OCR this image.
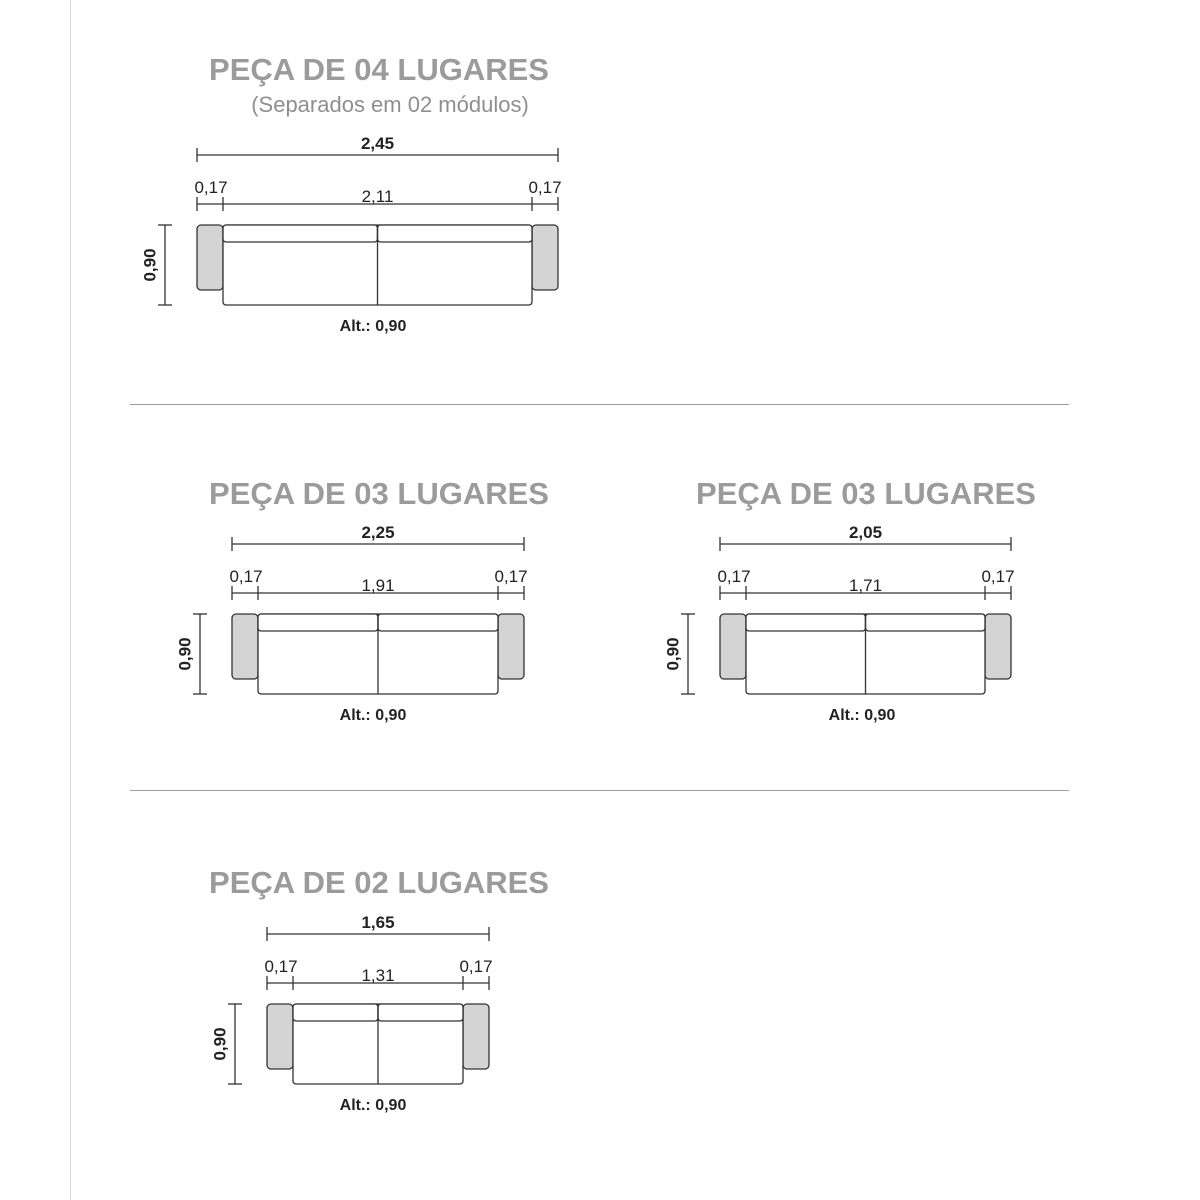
PEÇA DE 04 LUGARES
(Separados em 02 módulos)
2,45
0,17	0,17
2,11
0,90
Alt.: 0,90
PEÇA DE 03 LUGARES
2,25
0,17	0,17
1,91
0,90
Alt.: 0,90
PEÇA DE 03 LUGARES
2,05
0,17	0,17
1,71
0,90
Alt.: 0,90
PEÇA DE 02 LUGARES
1,65
0,17	0,17
1,31
0,90
Alt.: 0,90
